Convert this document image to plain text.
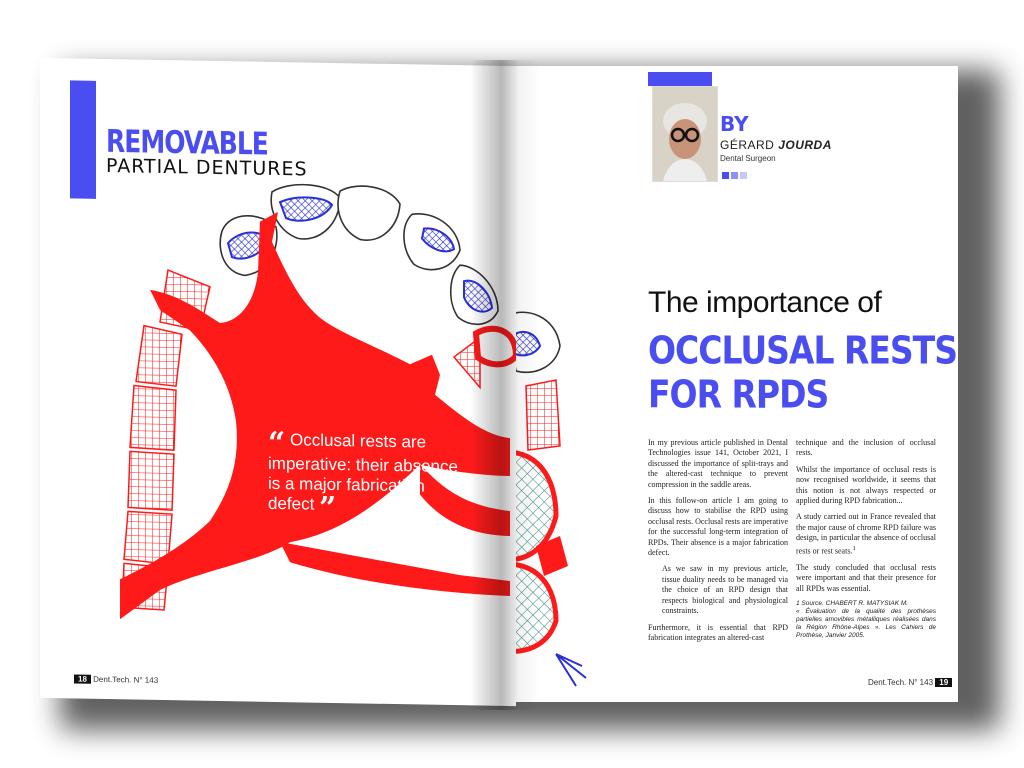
REMOVABLE
PARTIAL DENTURES
“ Occlusal rests are imperative: their absence is a major fabrication defect ”
18 Dent.Tech. N° 143
BY
GÉRARD JOURDA
Dental Surgeon
The importance of
OCCLUSAL RESTS
FOR RPDS

In my previous article published in Dental Technologies issue 141, October 2021, I discussed the importance of split-trays and the altered-cast technique to prevent compression in the saddle areas.

In this follow-on article I am going to discuss how to stabilise the RPD using occlusal rests. Occlusal rests are imperative for the successful long-term integration of RPDs. Their absence is a major fabrication defect.

As we saw in my previous article, tissue duality needs to be managed via the choice of an RPD design that respects biological and physiological constraints.

Furthermore, it is essential that RPD fabrication integrates an altered-cast

technique and the inclusion of occlusal rests.

Whilst the importance of occlusal rests is now recognised worldwide, it seems that this notion is not always respected or applied during RPD fabrication...

A study carried out in France revealed that the major cause of chrome RPD failure was design, in particular the absence of occlusal rests or rest seats.$^1$

The study concluded that occlusal rests were important and that their presence for all RPDs was essential.

1 Source. CHABERT R. MATYSIAK M.
« Évaluation de la qualité des prothèses partielles amovibles métalliques réalisées dans la Région Rhône-Alpes ». Les Cahiers de Prothèse, Janvier 2005.
Dent.Tech. N° 143 19
